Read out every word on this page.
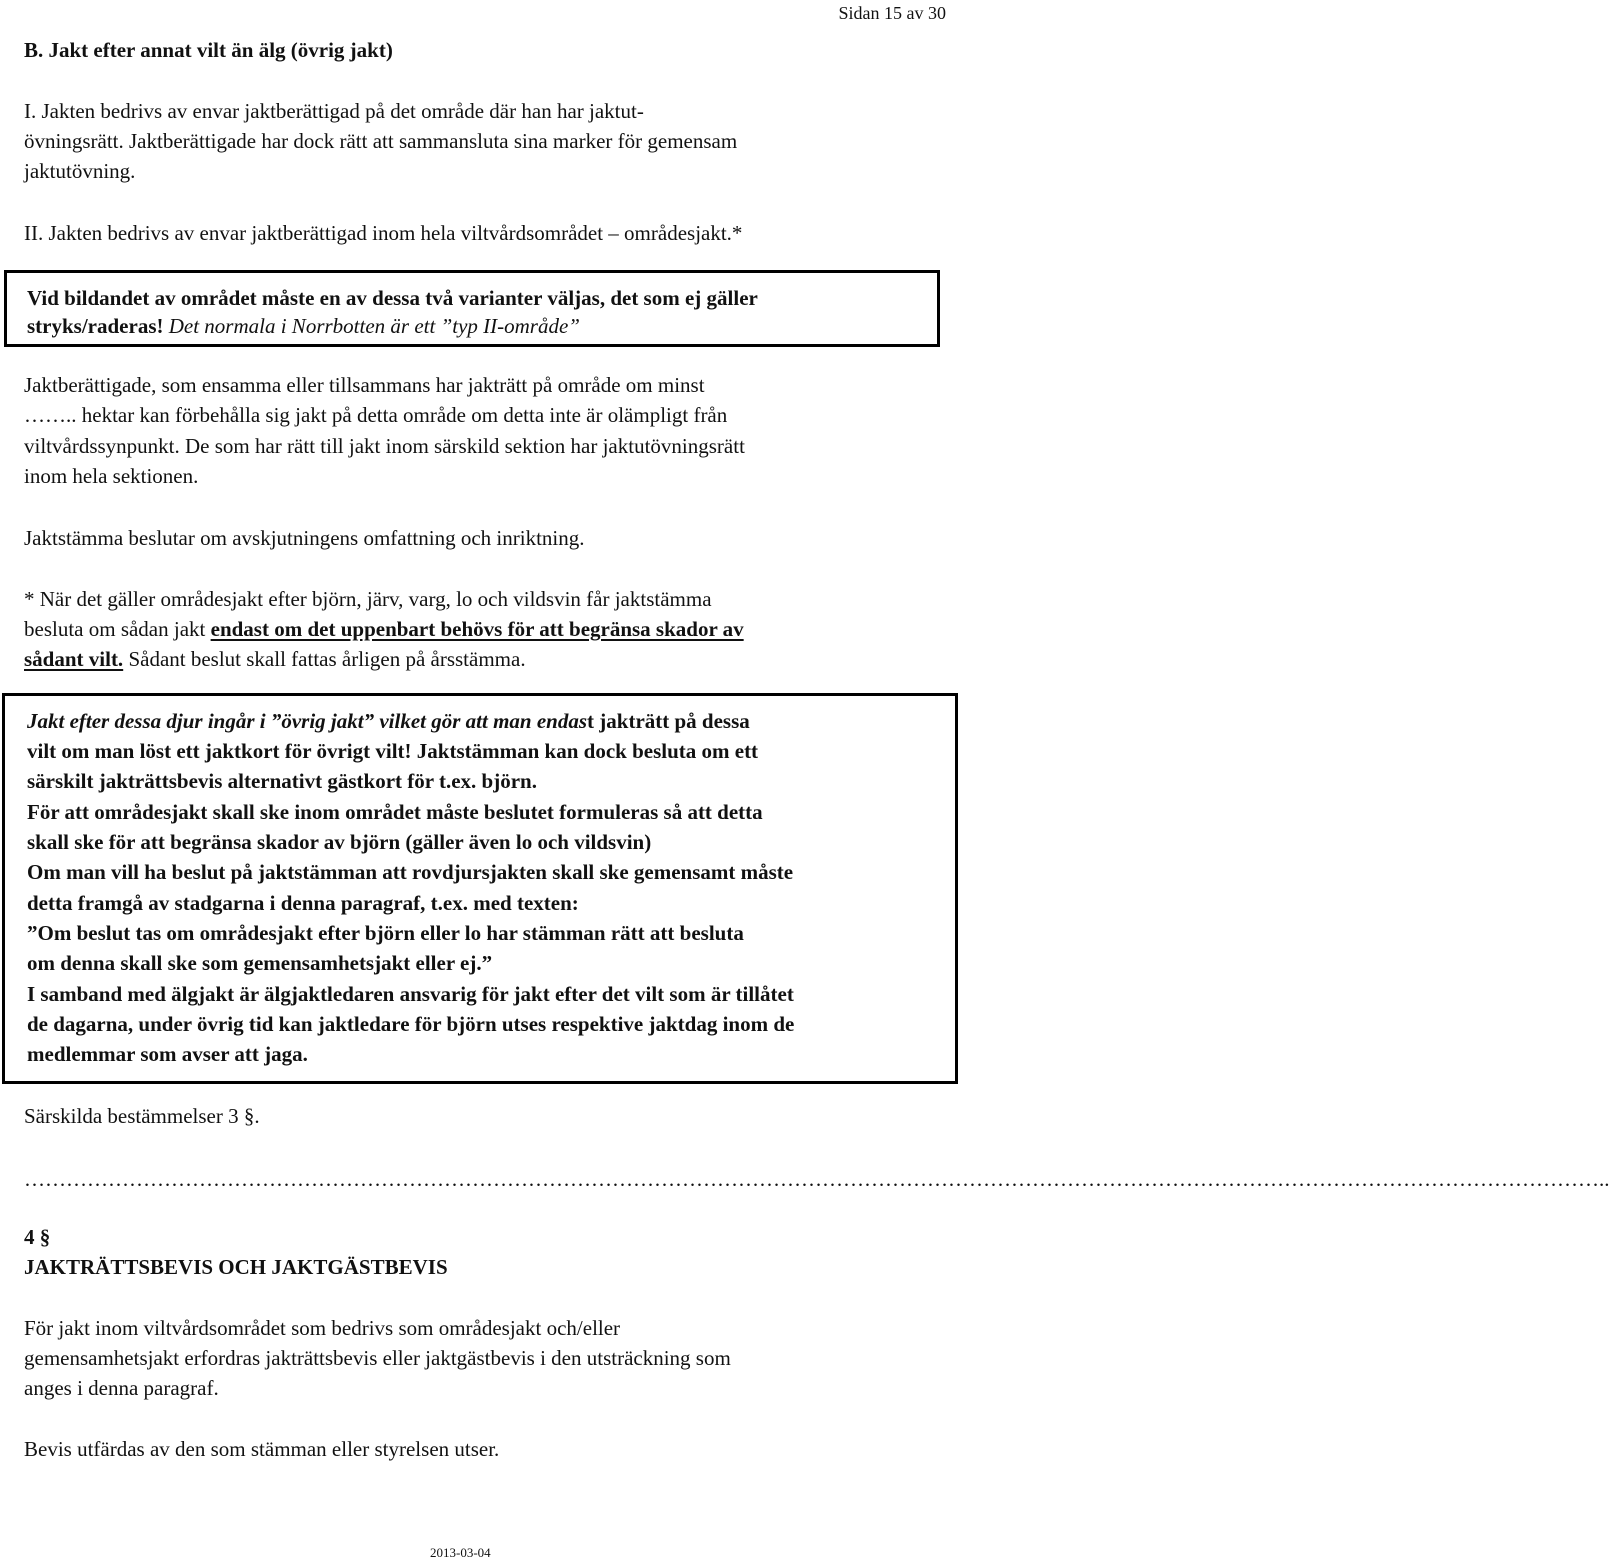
Sidan 15 av 30
B. Jakt efter annat vilt än älg (övrig jakt)
I. Jakten bedrivs av envar jaktberättigad på det område där han har jaktut-
övningsrätt. Jaktberättigade har dock rätt att sammansluta sina marker för gemensam
jaktutövning.
II. Jakten bedrivs av envar jaktberättigad inom hela viltvårdsområdet – områdesjakt.*
Vid bildandet av området måste en av dessa två varianter väljas, det som ej gäller
stryks/raderas! Det normala i Norrbotten är ett ”typ II-område”
Jaktberättigade, som ensamma eller tillsammans har jakträtt på område om minst
…….. hektar kan förbehålla sig jakt på detta område om detta inte är olämpligt från
viltvårdssynpunkt. De som har rätt till jakt inom särskild sektion har jaktutövningsrätt
inom hela sektionen.
Jaktstämma beslutar om avskjutningens omfattning och inriktning.
* När det gäller områdesjakt efter björn, järv, varg, lo och vildsvin får jaktstämma
besluta om sådan jakt endast om det uppenbart behövs för att begränsa skador av
sådant vilt. Sådant beslut skall fattas årligen på årsstämma.
Jakt efter dessa djur ingår i ”övrig jakt” vilket gör att man endast jakträtt på dessa
vilt om man löst ett jaktkort för övrigt vilt! Jaktstämman kan dock besluta om ett
särskilt jakträttsbevis alternativt gästkort för t.ex. björn.
För att områdesjakt skall ske inom området måste beslutet formuleras så att detta
skall ske för att begränsa skador av björn (gäller även lo och vildsvin)
Om man vill ha beslut på jaktstämman att rovdjursjakten skall ske gemensamt måste
detta framgå av stadgarna i denna paragraf, t.ex. med texten:
”Om beslut tas om områdesjakt efter björn eller lo har stämman rätt att besluta
om denna skall ske som gemensamhetsjakt eller ej.”
I samband med älgjakt är älgjaktledaren ansvarig för jakt efter det vilt som är tillåtet
de dagarna, under övrig tid kan jaktledare för björn utses respektive jaktdag inom de
medlemmar som avser att jaga.
Särskilda bestämmelser 3 §.
………………………………………………………………………………………………………………………………………………………………………………………………………..
4 §
JAKTRÄTTSBEVIS OCH JAKTGÄSTBEVIS
För jakt inom viltvårdsområdet som bedrivs som områdesjakt och/eller
gemensamhetsjakt erfordras jakträttsbevis eller jaktgästbevis i den utsträckning som
anges i denna paragraf.
Bevis utfärdas av den som stämman eller styrelsen utser.
2013-03-04
